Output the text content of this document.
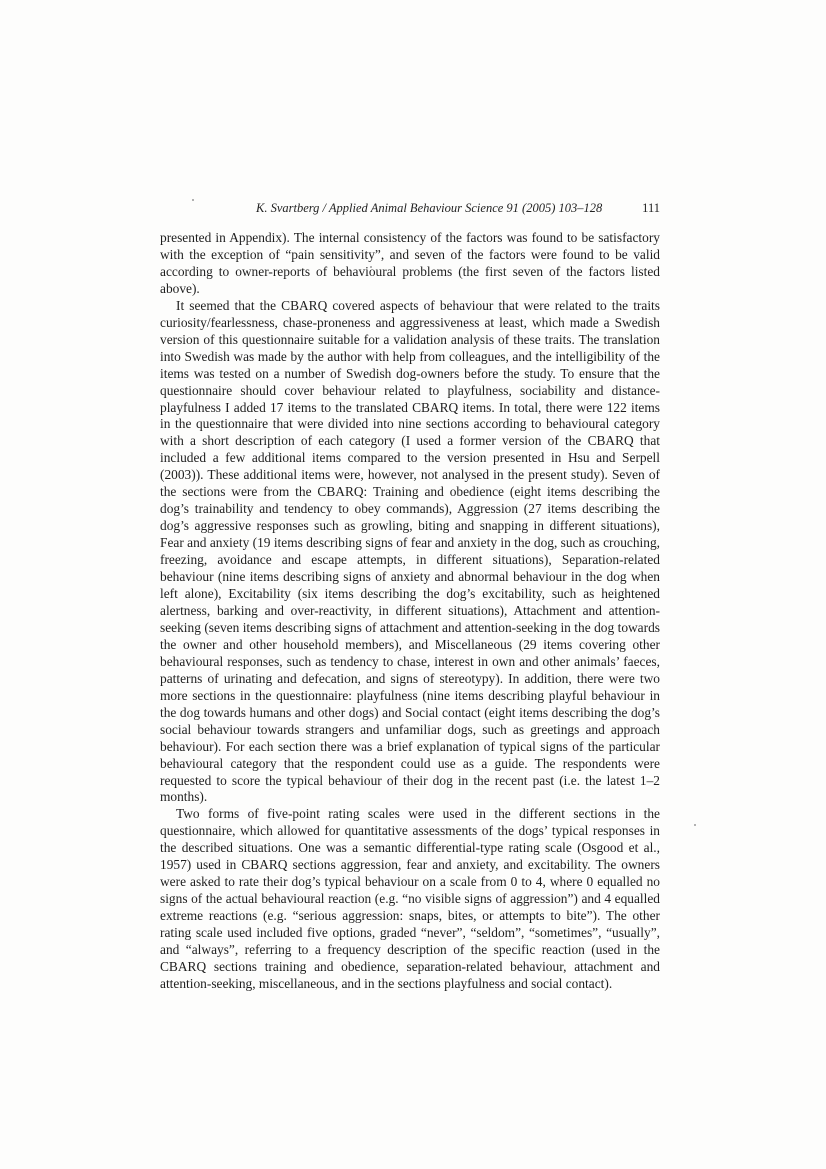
K. Svartberg / Applied Animal Behaviour Science 91 (2005) 103–128	111

presented in Appendix). The internal consistency of the factors was found to be satisfactory with the exception of “pain sensitivity”, and seven of the factors were found to be valid according to owner-reports of behavioural problems (the first seven of the factors listed above).

It seemed that the CBARQ covered aspects of behaviour that were related to the traits curiosity/fearlessness, chase-proneness and aggressiveness at least, which made a Swedish version of this questionnaire suitable for a validation analysis of these traits. The translation into Swedish was made by the author with help from colleagues, and the intelligibility of the items was tested on a number of Swedish dog-owners before the study. To ensure that the questionnaire should cover behaviour related to playfulness, sociability and distance-playfulness I added 17 items to the translated CBARQ items. In total, there were 122 items in the questionnaire that were divided into nine sections according to behavioural category with a short description of each category (I used a former version of the CBARQ that included a few additional items compared to the version presented in Hsu and Serpell (2003)). These additional items were, however, not analysed in the present study). Seven of the sections were from the CBARQ: Training and obedience (eight items describing the dog’s trainability and tendency to obey commands), Aggression (27 items describing the dog’s aggressive responses such as growling, biting and snapping in different situations), Fear and anxiety (19 items describing signs of fear and anxiety in the dog, such as crouching, freezing, avoidance and escape attempts, in different situations), Separation-related behaviour (nine items describing signs of anxiety and abnormal behaviour in the dog when left alone), Excitability (six items describing the dog’s excitability, such as heightened alertness, barking and over-reactivity, in different situations), Attachment and attention-seeking (seven items describing signs of attachment and attention-seeking in the dog towards the owner and other household members), and Miscellaneous (29 items covering other behavioural responses, such as tendency to chase, interest in own and other animals’ faeces, patterns of urinating and defecation, and signs of stereotypy). In addition, there were two more sections in the questionnaire: playfulness (nine items describing playful behaviour in the dog towards humans and other dogs) and Social contact (eight items describing the dog’s social behaviour towards strangers and unfamiliar dogs, such as greetings and approach behaviour). For each section there was a brief explanation of typical signs of the particular behavioural category that the respondent could use as a guide. The respondents were requested to score the typical behaviour of their dog in the recent past (i.e. the latest 1–2 months).

Two forms of five-point rating scales were used in the different sections in the questionnaire, which allowed for quantitative assessments of the dogs’ typical responses in the described situations. One was a semantic differential-type rating scale (Osgood et al., 1957) used in CBARQ sections aggression, fear and anxiety, and excitability. The owners were asked to rate their dog’s typical behaviour on a scale from 0 to 4, where 0 equalled no signs of the actual behavioural reaction (e.g. “no visible signs of aggression”) and 4 equalled extreme reactions (e.g. “serious aggression: snaps, bites, or attempts to bite”). The other rating scale used included five options, graded “never”, “seldom”, “sometimes”, “usually”, and “always”, referring to a frequency description of the specific reaction (used in the CBARQ sections training and obedience, separation-related behaviour, attachment and attention-seeking, miscellaneous, and in the sections playfulness and social contact).
